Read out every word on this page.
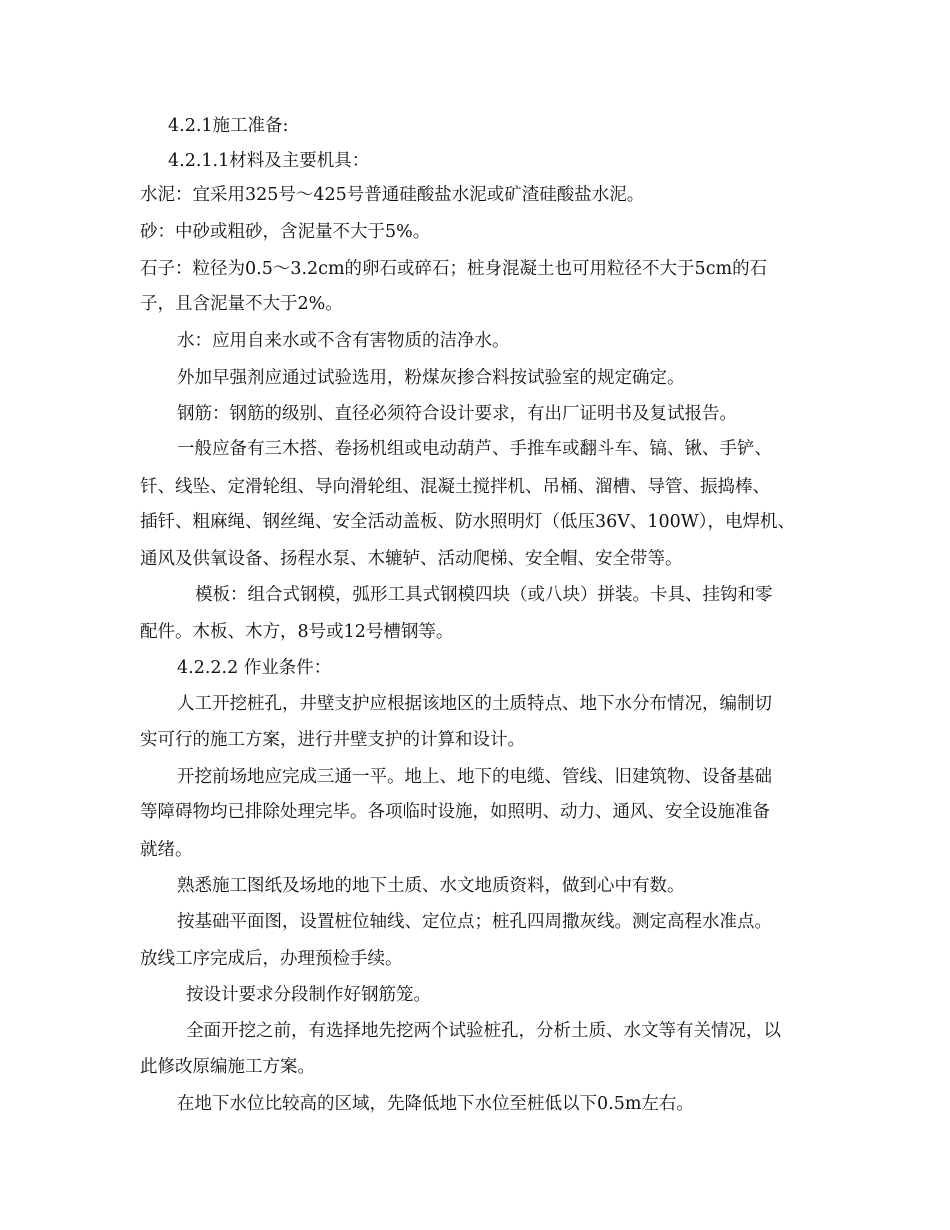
4.2.1施工准备:
4.2.1.1材料及主要机具：
水泥：宜采用325号～425号普通硅酸盐水泥或矿渣硅酸盐水泥。
砂：中砂或粗砂，含泥量不大于5%。
石子：粒径为0.5～3.2cm的卵石或碎石；桩身混凝土也可用粒径不大于5cm的石
子，且含泥量不大于2%。
水：应用自来水或不含有害物质的洁净水。
外加早强剂应通过试验选用，粉煤灰掺合料按试验室的规定确定。
钢筋：钢筋的级别、直径必须符合设计要求，有出厂证明书及复试报告。
一般应备有三木搭、卷扬机组或电动葫芦、手推车或翻斗车、镐、锹、手铲、
钎、线坠、定滑轮组、导向滑轮组、混凝土搅拌机、吊桶、溜槽、导管、振捣棒、
插钎、粗麻绳、钢丝绳、安全活动盖板、防水照明灯（低压36V、100W），电焊机、
通风及供氧设备、扬程水泵、木辘轳、活动爬梯、安全帽、安全带等。
模板：组合式钢模，弧形工具式钢模四块（或八块）拼装。卡具、挂钩和零
配件。木板、木方，8号或12号槽钢等。
4.2.2.2 作业条件：
人工开挖桩孔，井壁支护应根据该地区的土质特点、地下水分布情况，编制切
实可行的施工方案，进行井壁支护的计算和设计。
开挖前场地应完成三通一平。地上、地下的电缆、管线、旧建筑物、设备基础
等障碍物均已排除处理完毕。各项临时设施，如照明、动力、通风、安全设施准备
就绪。
熟悉施工图纸及场地的地下土质、水文地质资料，做到心中有数。
按基础平面图，设置桩位轴线、定位点；桩孔四周撒灰线。测定高程水准点。
放线工序完成后，办理预检手续。
按设计要求分段制作好钢筋笼。
全面开挖之前，有选择地先挖两个试验桩孔，分析土质、水文等有关情况，以
此修改原编施工方案。
在地下水位比较高的区域，先降低地下水位至桩低以下0.5m左右。
